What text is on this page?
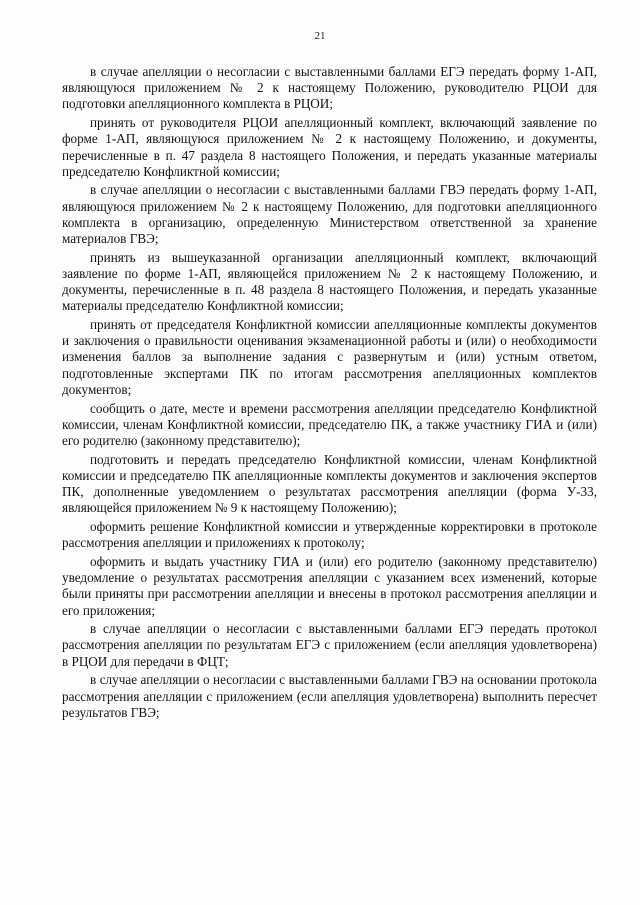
21

в случае апелляции о несогласии с выставленными баллами ЕГЭ передать форму 1-АП, являющуюся приложением № 2 к настоящему Положению, руководителю РЦОИ для подготовки апелляционного комплекта в РЦОИ;

принять от руководителя РЦОИ апелляционный комплект, включающий заявление по форме 1-АП, являющуюся приложением № 2 к настоящему Положению, и документы, перечисленные в п. 47 раздела 8 настоящего Положения, и передать указанные материалы председателю Конфликтной комиссии;

в случае апелляции о несогласии с выставленными баллами ГВЭ передать форму 1-АП, являющуюся приложением № 2 к настоящему Положению, для подготовки апелляционного комплекта в организацию, определенную Министерством ответственной за хранение материалов ГВЭ;

принять из вышеуказанной организации апелляционный комплект, включающий заявление по форме 1-АП, являющейся приложением № 2 к настоящему Положению, и документы, перечисленные в п. 48 раздела 8 настоящего Положения, и передать указанные материалы председателю Конфликтной комиссии;

принять от председателя Конфликтной комиссии апелляционные комплекты документов и заключения о правильности оценивания экзаменационной работы и (или) о необходимости изменения баллов за выполнение задания с развернутым и (или) устным ответом, подготовленные экспертами ПК по итогам рассмотрения апелляционных комплектов документов;

сообщить о дате, месте и времени рассмотрения апелляции председателю Конфликтной комиссии, членам Конфликтной комиссии, председателю ПК, а также участнику ГИА и (или) его родителю (законному представителю);

подготовить и передать председателю Конфликтной комиссии, членам Конфликтной комиссии и председателю ПК апелляционные комплекты документов и заключения экспертов ПК, дополненные уведомлением о результатах рассмотрения апелляции (форма У-33, являющейся приложением № 9 к настоящему Положению);

оформить решение Конфликтной комиссии и утвержденные корректировки в протоколе рассмотрения апелляции и приложениях к протоколу;

оформить и выдать участнику ГИА и (или) его родителю (законному представителю) уведомление о результатах рассмотрения апелляции с указанием всех изменений, которые были приняты при рассмотрении апелляции и внесены в протокол рассмотрения апелляции и его приложения;

в случае апелляции о несогласии с выставленными баллами ЕГЭ передать протокол рассмотрения апелляции по результатам ЕГЭ с приложением (если апелляция удовлетворена) в РЦОИ для передачи в ФЦТ;

в случае апелляции о несогласии с выставленными баллами ГВЭ на основании протокола рассмотрения апелляции с приложением (если апелляция удовлетворена) выполнить пересчет результатов ГВЭ;
